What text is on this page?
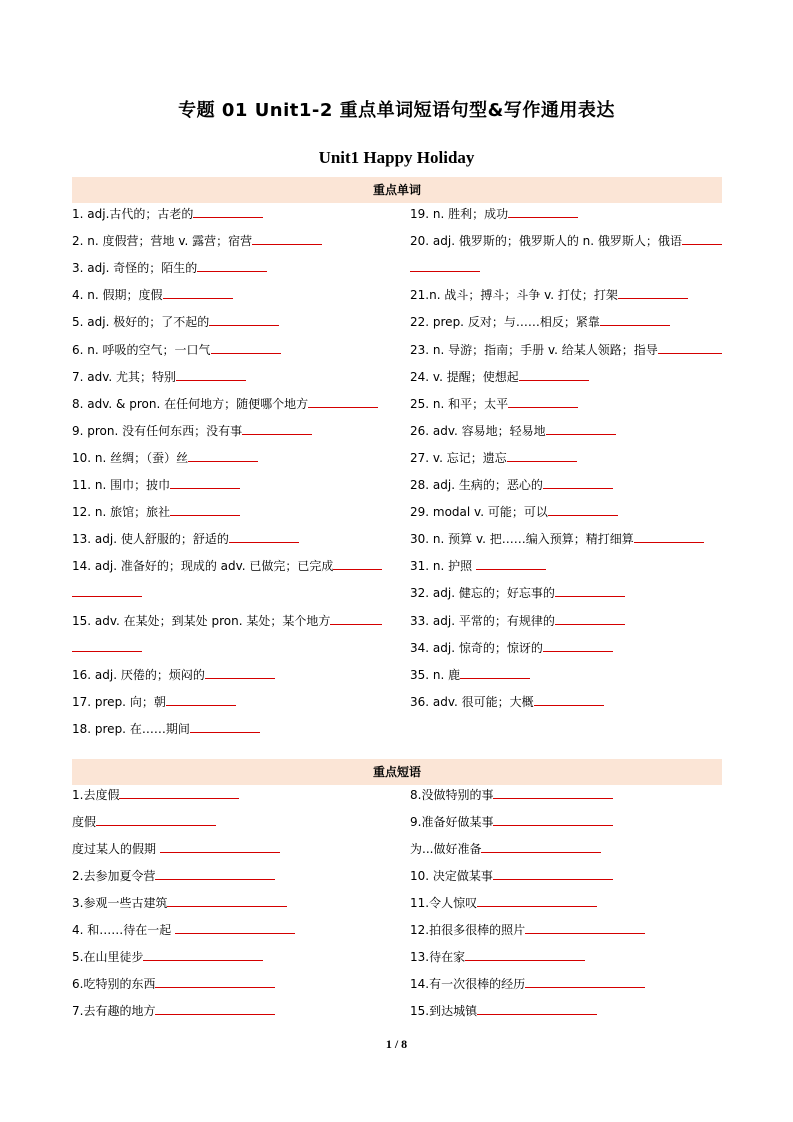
专题 01 Unit1-2 重点单词短语句型&写作通用表达
Unit1 Happy Holiday
重点单词
1. adj.古代的；古老的
2. n. 度假营；营地 v. 露营；宿营
3. adj. 奇怪的；陌生的
4. n. 假期；度假
5. adj. 极好的；了不起的
6. n. 呼吸的空气；一口气
7. adv. 尤其；特别
8. adv. & pron. 在任何地方；随便哪个地方
9. pron. 没有任何东西；没有事
10. n. 丝绸；（蚕）丝
11. n. 围巾；披巾
12. n. 旅馆；旅社
13. adj. 使人舒服的；舒适的
14. adj. 准备好的；现成的 adv. 已做完；已完成
15. adv. 在某处；到某处 pron. 某处；某个地方
16. adj. 厌倦的；烦闷的
17. prep. 向；朝
18. prep. 在……期间
19. n. 胜利；成功
20. adj. 俄罗斯的；俄罗斯人的 n. 俄罗斯人；俄语
21.n. 战斗；搏斗；斗争 v. 打仗；打架
22. prep. 反对；与……相反；紧靠
23. n. 导游；指南；手册 v. 给某人领路；指导
24. v. 提醒；使想起
25. n. 和平；太平
26. adv. 容易地；轻易地
27. v. 忘记；遗忘
28. adj. 生病的；恶心的
29. modal v. 可能；可以
30. n. 预算 v. 把……编入预算；精打细算
31. n. 护照
32. adj. 健忘的；好忘事的
33. adj. 平常的；有规律的
34. adj. 惊奇的；惊讶的
35. n. 鹿
36. adv. 很可能；大概
重点短语
1.去度假
度假
度过某人的假期
2.去参加夏令营
3.参观一些古建筑
4. 和……待在一起
5.在山里徒步
6.吃特别的东西
7.去有趣的地方
8.没做特别的事
9.准备好做某事
为...做好准备
10. 决定做某事
11.令人惊叹
12.拍很多很棒的照片
13.待在家
14.有一次很棒的经历
15.到达城镇
1 / 8
